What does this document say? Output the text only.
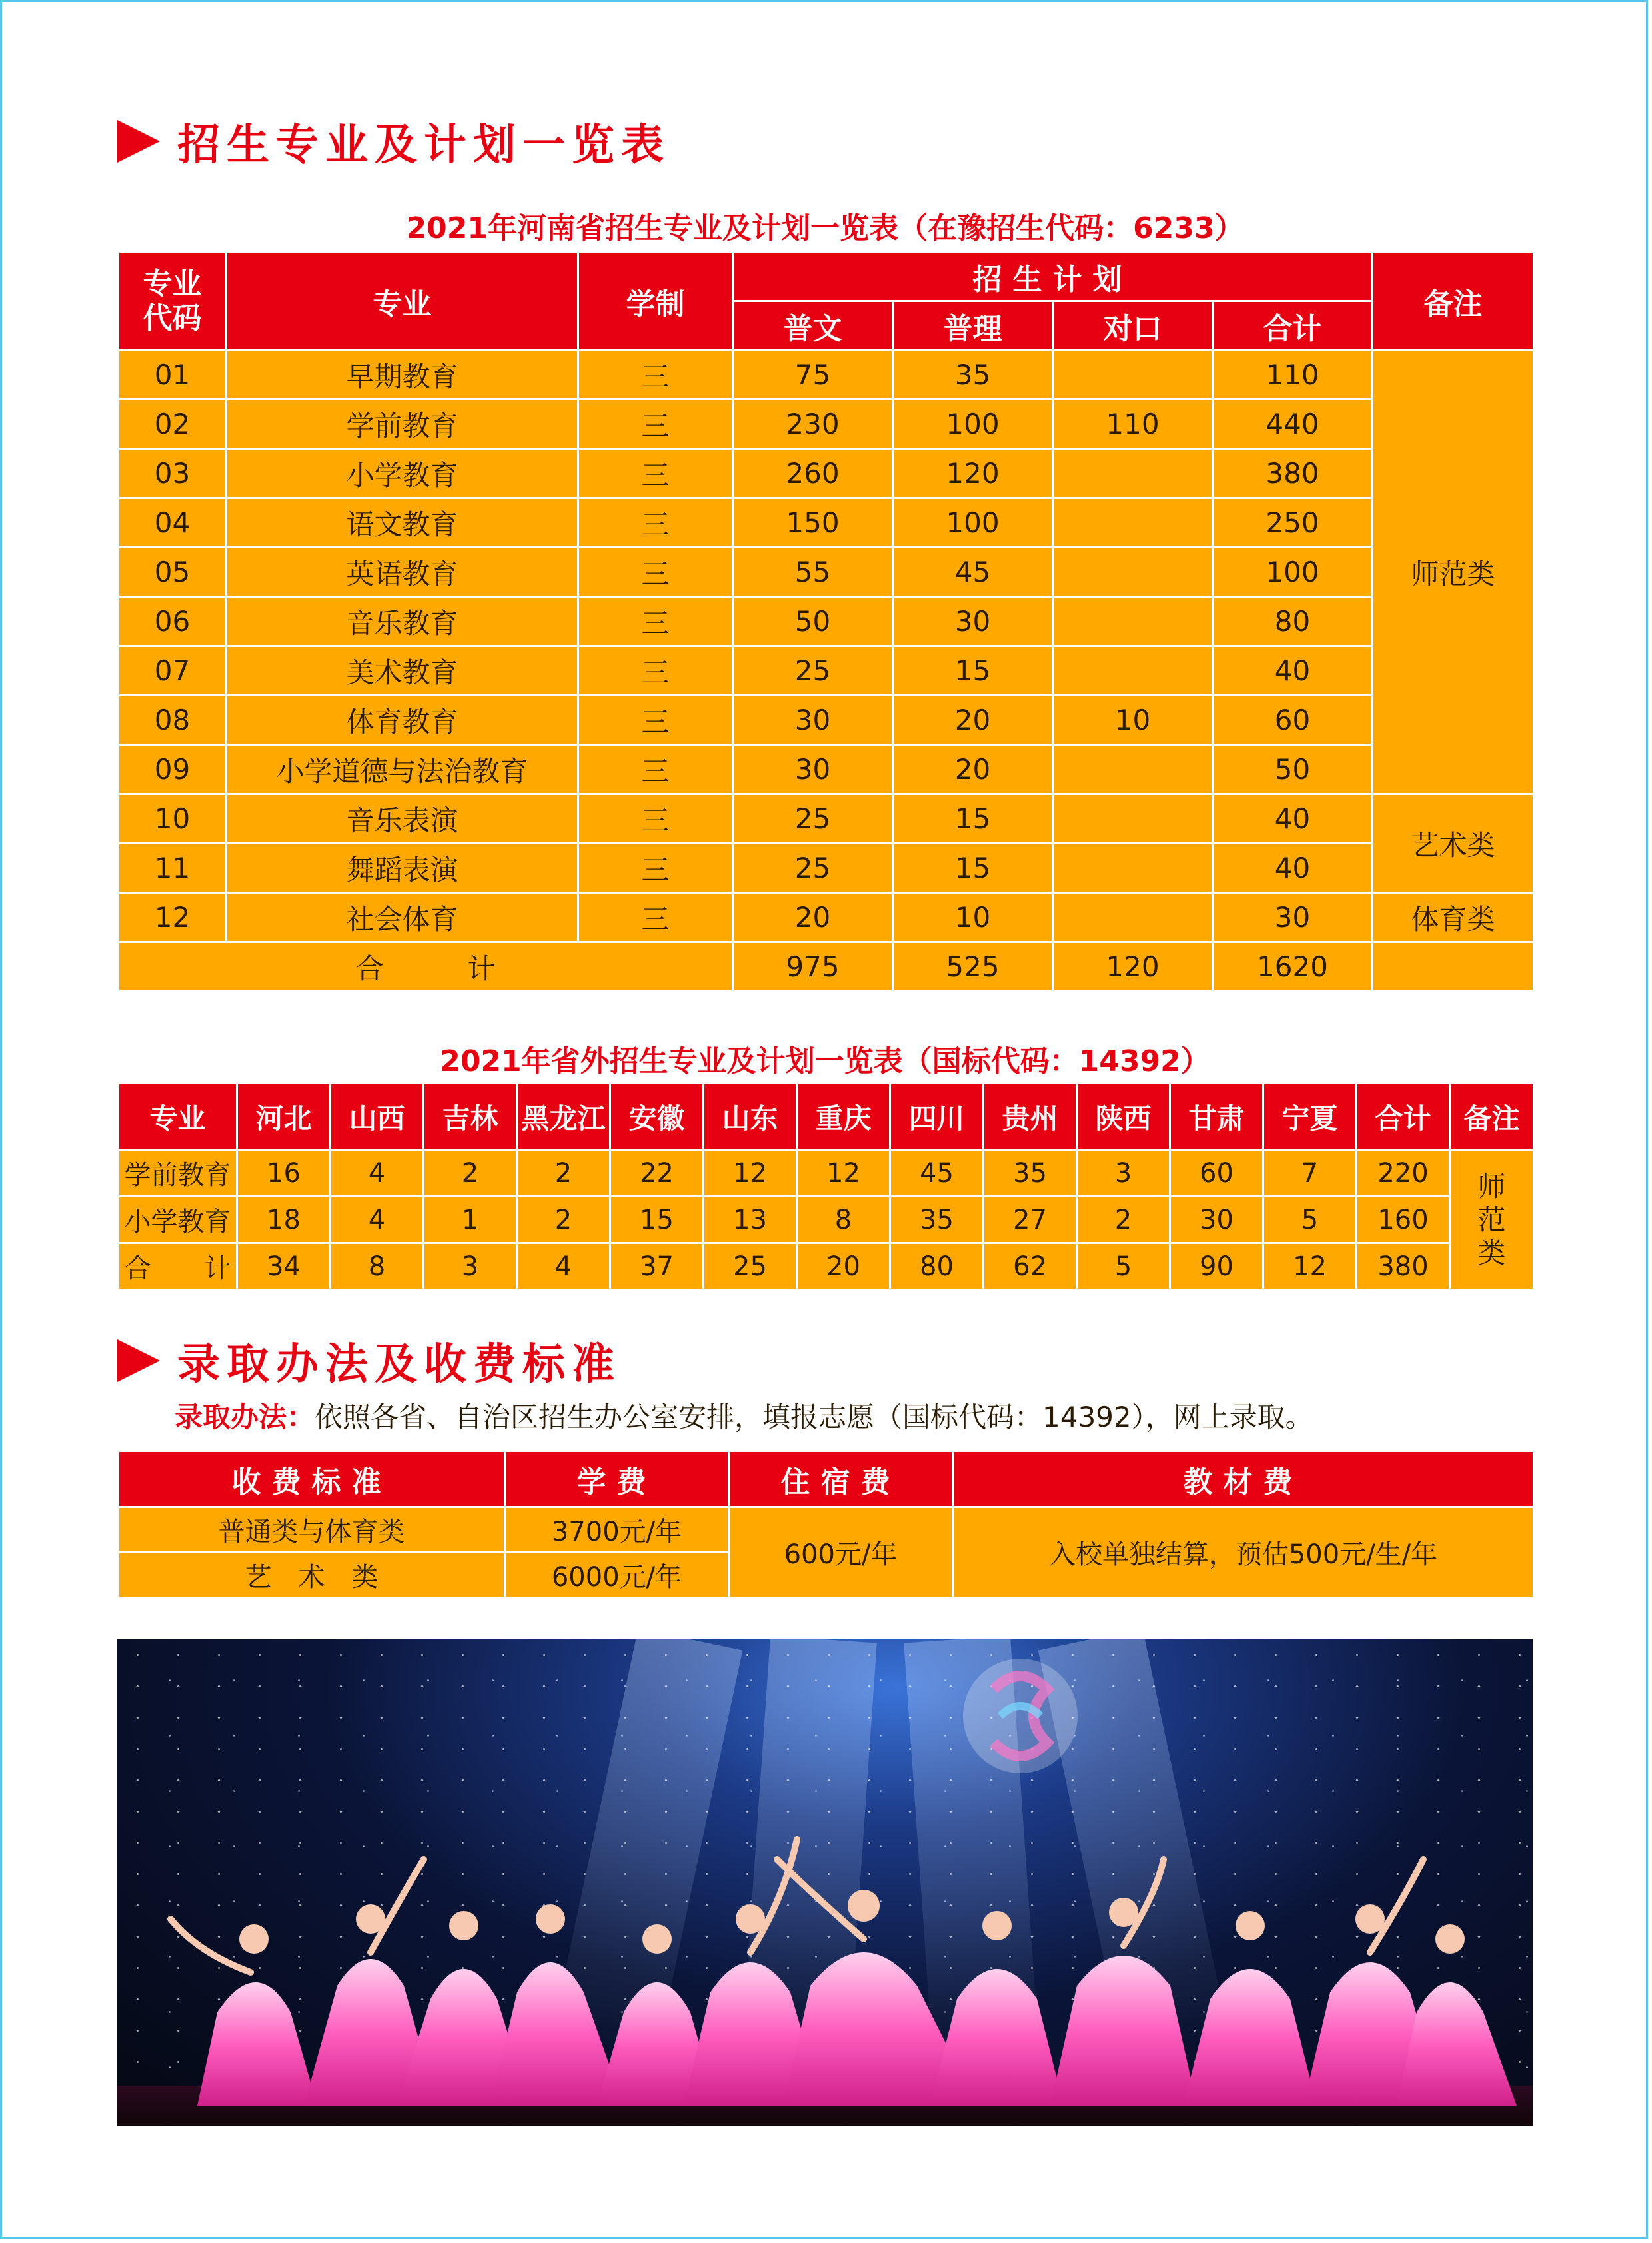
招生专业及计划一览表
2021年河南省招生专业及计划一览表（在豫招生代码：6233）
专业代码	专业	学制	招生计划				备注
			普文	普理	对口	合计	
01	早期教育	三	75	35		110	师范类
02	学前教育	三	230	100	110	440	
03	小学教育	三	260	120		380	
04	语文教育	三	150	100		250	
05	英语教育	三	55	45		100	
06	音乐教育	三	50	30		80	
07	美术教育	三	25	15		40	
08	体育教育	三	30	20	10	60	
09	小学道德与法治教育	三	30	20		50	
10	音乐表演	三	25	15		40	艺术类
11	舞蹈表演	三	25	15		40	
12	社会体育	三	20	10		30	体育类
合　　　计			975	525	120	1620	
2021年省外招生专业及计划一览表（国标代码：14392）
专业	河北	山西	吉林	黑龙江	安徽	山东	重庆	四川	贵州	陕西	甘肃	宁夏	合计	备注
学前教育	16	4	2	2	22	12	12	45	35	3	60	7	220	师范类
小学教育	18	4	1	2	15	13	8	35	27	2	30	5	160	
合　　计	34	8	3	4	37	25	20	80	62	5	90	12	380	
录取办法及收费标准
录取办法：依照各省、自治区招生办公室安排，填报志愿（国标代码：14392），网上录取。
收费标准	学费	住宿费	教材费
普通类与体育类	3700元/年	600元/年	入校单独结算，预估500元/生/年
艺　术　类	6000元/年		
